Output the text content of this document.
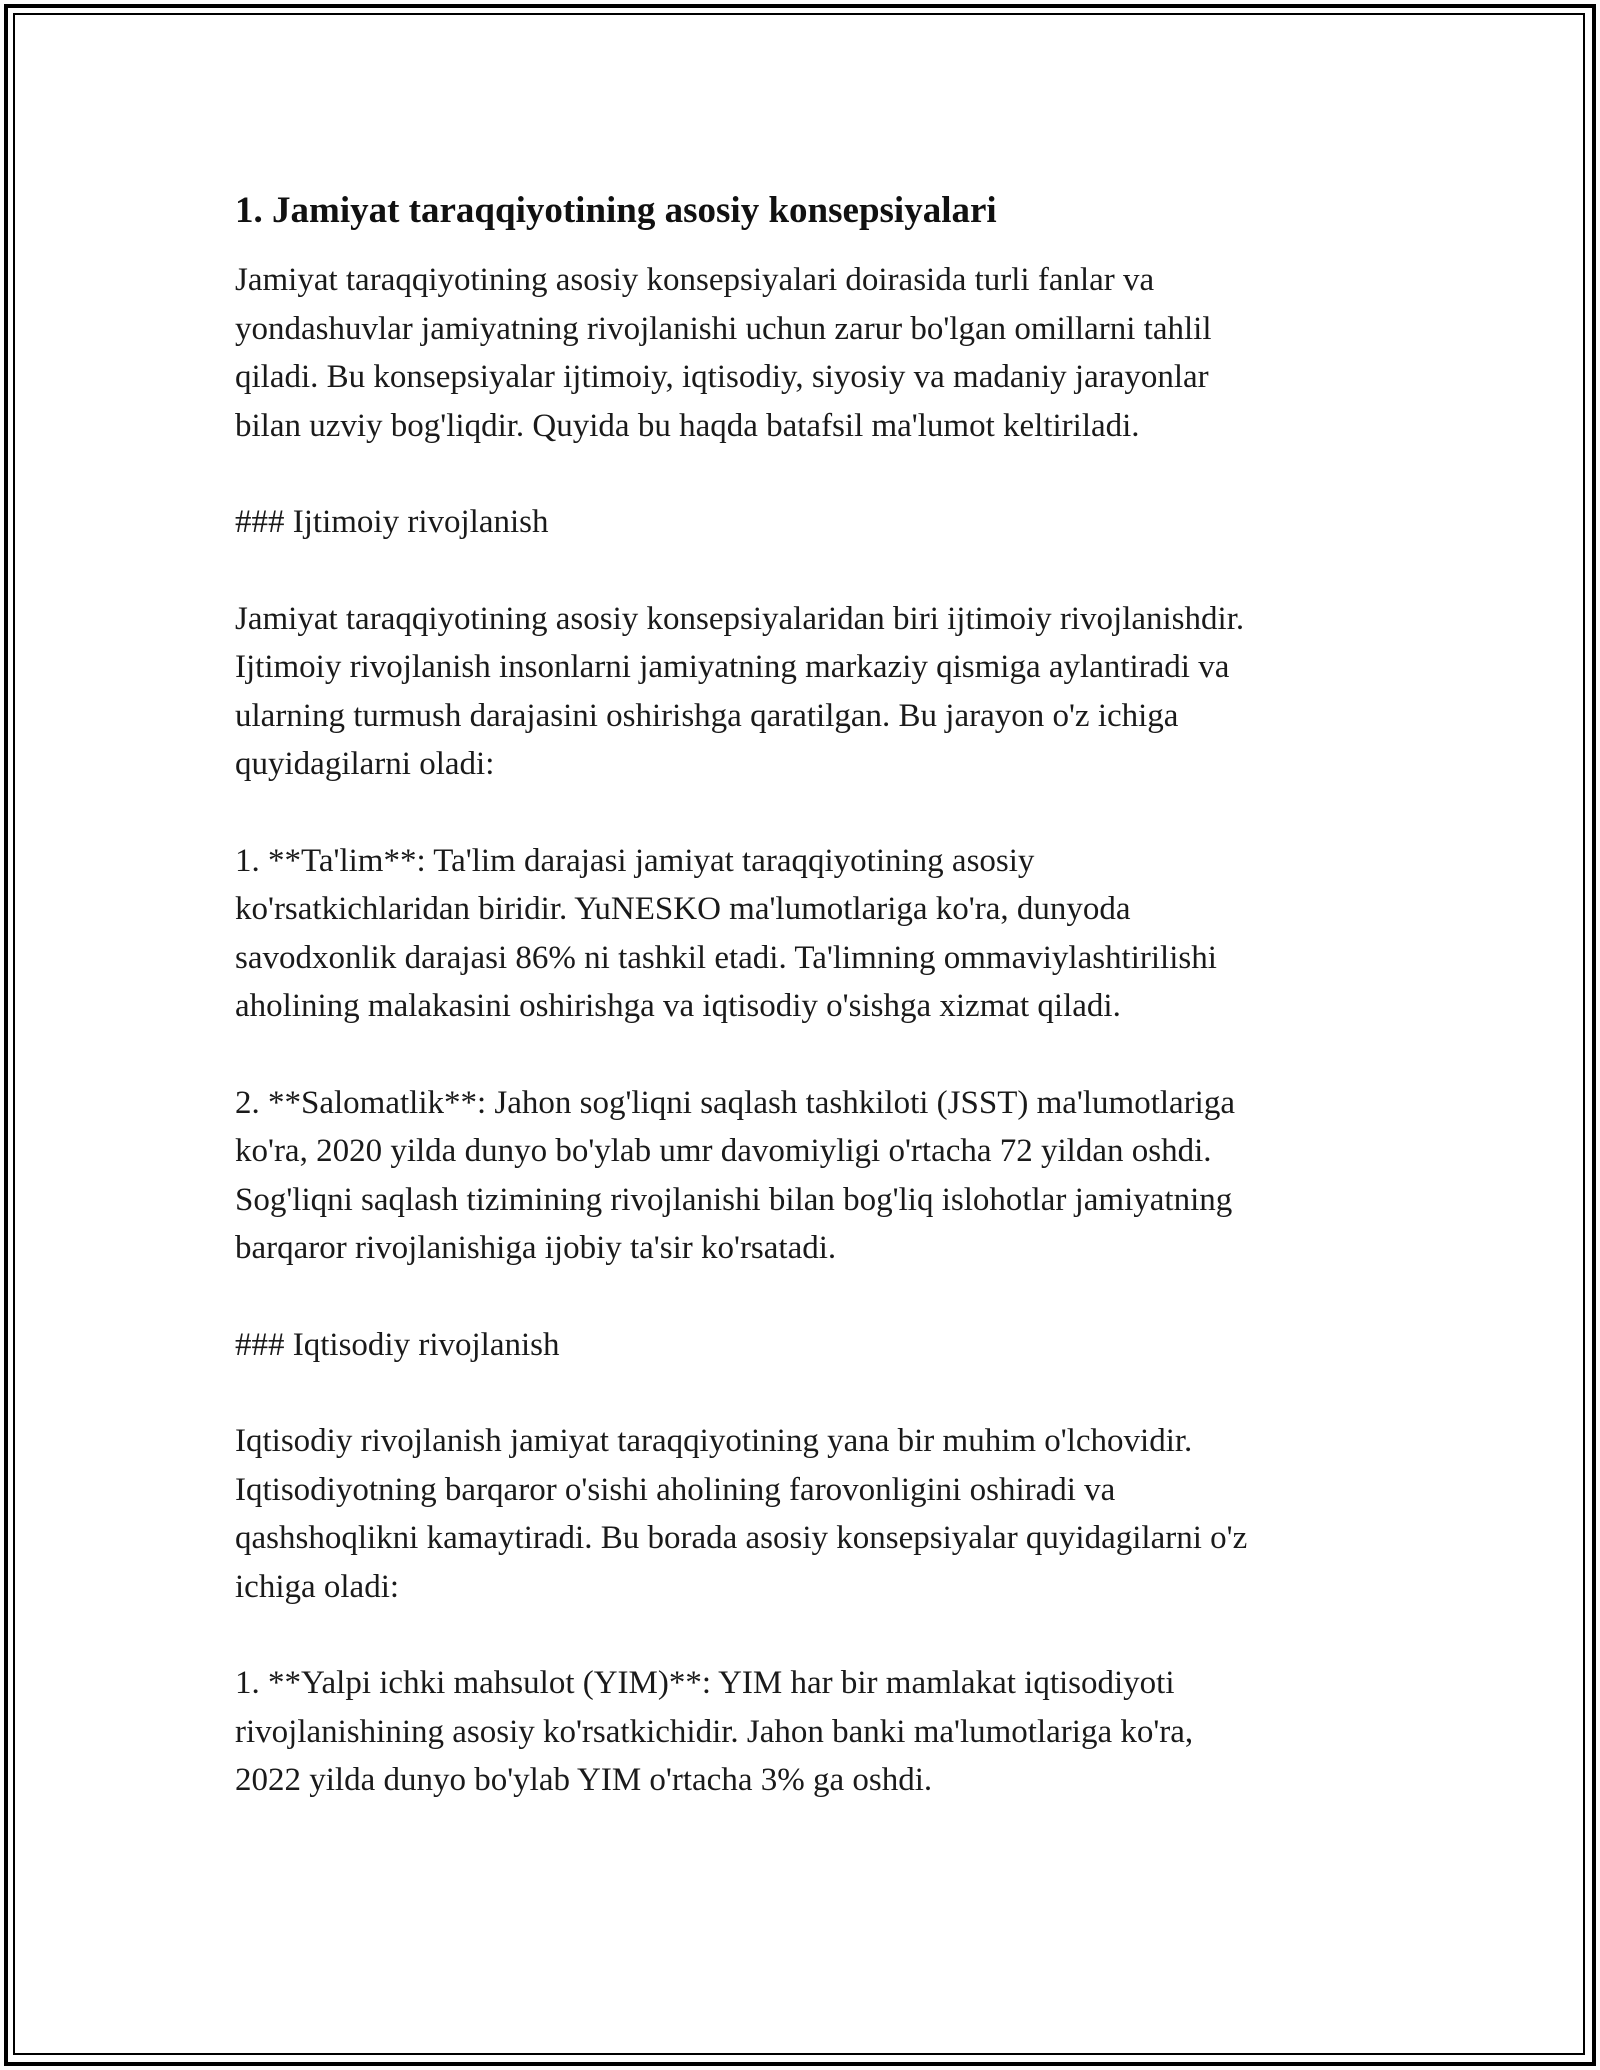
1. Jamiyat taraqqiyotining asosiy konsepsiyalari

Jamiyat taraqqiyotining asosiy konsepsiyalari doirasida turli fanlar va
yondashuvlar jamiyatning rivojlanishi uchun zarur bo'lgan omillarni tahlil
qiladi. Bu konsepsiyalar ijtimoiy, iqtisodiy, siyosiy va madaniy jarayonlar
bilan uzviy bog'liqdir. Quyida bu haqda batafsil ma'lumot keltiriladi.

### Ijtimoiy rivojlanish

Jamiyat taraqqiyotining asosiy konsepsiyalaridan biri ijtimoiy rivojlanishdir.
Ijtimoiy rivojlanish insonlarni jamiyatning markaziy qismiga aylantiradi va
ularning turmush darajasini oshirishga qaratilgan. Bu jarayon o'z ichiga
quyidagilarni oladi:

1. **Ta'lim**: Ta'lim darajasi jamiyat taraqqiyotining asosiy
ko'rsatkichlaridan biridir. YuNESKO ma'lumotlariga ko'ra, dunyoda
savodxonlik darajasi 86% ni tashkil etadi. Ta'limning ommaviylashtirilishi
aholining malakasini oshirishga va iqtisodiy o'sishga xizmat qiladi.

2. **Salomatlik**: Jahon sog'liqni saqlash tashkiloti (JSST) ma'lumotlariga
ko'ra, 2020 yilda dunyo bo'ylab umr davomiyligi o'rtacha 72 yildan oshdi.
Sog'liqni saqlash tizimining rivojlanishi bilan bog'liq islohotlar jamiyatning
barqaror rivojlanishiga ijobiy ta'sir ko'rsatadi.

### Iqtisodiy rivojlanish

Iqtisodiy rivojlanish jamiyat taraqqiyotining yana bir muhim o'lchovidir.
Iqtisodiyotning barqaror o'sishi aholining farovonligini oshiradi va
qashshoqlikni kamaytiradi. Bu borada asosiy konsepsiyalar quyidagilarni o'z
ichiga oladi:

1. **Yalpi ichki mahsulot (YIM)**: YIM har bir mamlakat iqtisodiyoti
rivojlanishining asosiy ko'rsatkichidir. Jahon banki ma'lumotlariga ko'ra,
2022 yilda dunyo bo'ylab YIM o'rtacha 3% ga oshdi.
